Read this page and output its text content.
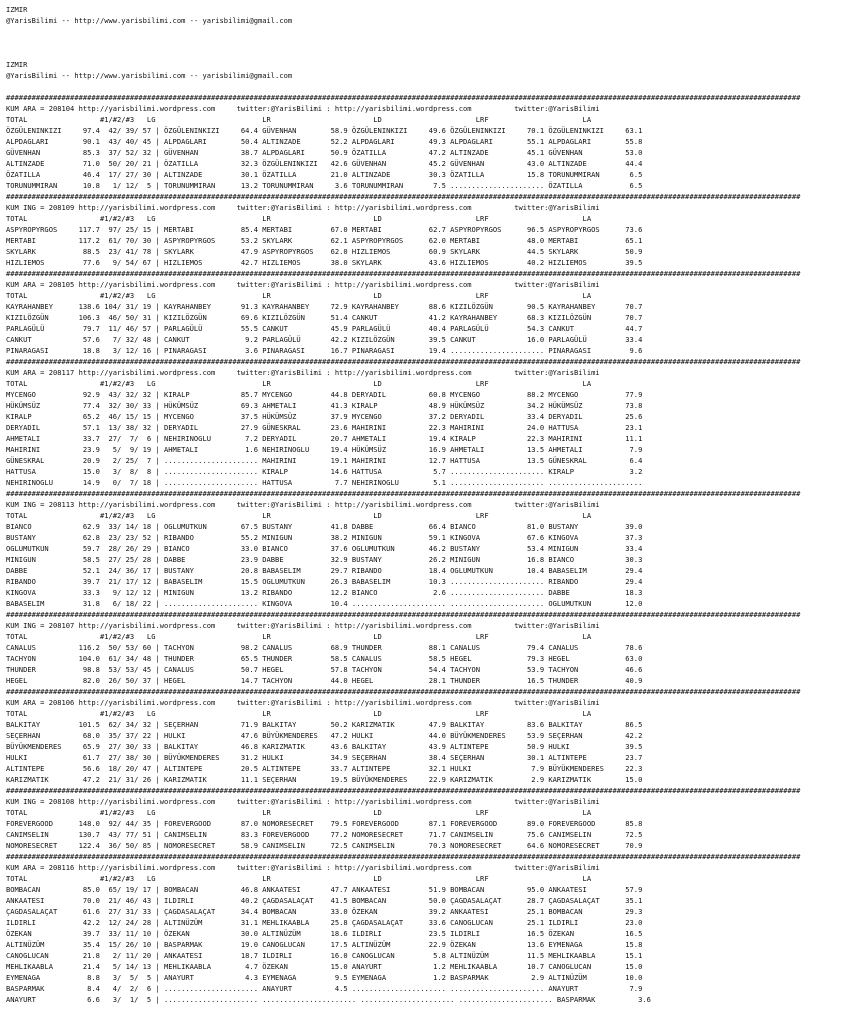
IZMIR
@YarisBilimi -- http://www.yarisbilimi.com -- yarisbilimi@gmail.com

IZMIR
@YarisBilimi -- http://www.yarisbilimi.com -- yarisbilimi@gmail.com

##########################################################################################################################################################################################
KUM ARA = 208104 http://yarisbilimi.wordpress.com     twitter:@YarisBilimi : http://yarisbilimi.wordpress.com          twitter:@YarisBilimi
TOTAL                 #1/#2/#3   LG                         LR                        LD                      LRF                      LA
ÖZGÜLENINKIZI     97.4  42/ 39/ 57 | ÖZGÜLENINKIZI     64.4 GÜVENHAN        58.9 ÖZGÜLENINKIZI     49.6 ÖZGÜLENINKIZI     70.1 ÖZGÜLENINKIZI     63.1
ALPDAGLARI        90.1  43/ 40/ 45 | ALPDAGLARI        50.4 ALTINZADE       52.2 ALPDAGLARI        49.3 ALPDAGLARI        55.1 ALPDAGLARI        55.8
GÜVENHAN          85.3  37/ 52/ 32 | GÜVENHAN          38.7 ALPDAGLARI      50.9 ÖZATILLA          47.2 ALTINZADE         45.1 GÜVENHAN          53.0
ALTINZADE         71.0  50/ 20/ 21 | ÖZATILLA          32.3 ÖZGÜLENINKIZI   42.6 GÜVENHAN          45.2 GÜVENHAN          43.0 ALTINZADE         44.4
ÖZATILLA          46.4  17/ 27/ 30 | ALTINZADE         30.1 ÖZATILLA        21.0 ALTINZADE         30.3 ÖZATILLA          15.8 TORUNUMMIRAN       6.5
TORUNUMMIRAN      10.8   1/ 12/  5 | TORUNUMMIRAN      13.2 TORUNUMMIRAN     3.6 TORUNUMMIRAN       7.5 ...................... ÖZATILLA           6.5
##########################################################################################################################################################################################
KUM ING = 208109 http://yarisbilimi.wordpress.com     twitter:@YarisBilimi : http://yarisbilimi.wordpress.com          twitter:@YarisBilimi
TOTAL                 #1/#2/#3   LG                         LR                        LD                      LRF                      LA
ASPYROPYRGOS     117.7  97/ 25/ 15 | MERTABI           85.4 MERTABI         67.0 MERTABI           62.7 ASPYROPYRGOS      96.5 ASPYROPYRGOS      73.6
MERTABI          117.2  61/ 70/ 30 | ASPYROPYRGOS      53.2 SKYLARK         62.1 ASPYROPYRGOS      62.0 MERTABI           48.0 MERTABI           65.1
SKYLARK           88.5  23/ 41/ 78 | SKYLARK           47.9 ASPYROPYRGOS    62.0 HIZLIEMOS         60.9 SKYLARK           44.5 SKYLARK           50.9
HIZLIEMOS         77.6   9/ 54/ 67 | HIZLIEMOS         42.7 HIZLIEMOS       38.0 SKYLARK           43.6 HIZLIEMOS         40.2 HIZLIEMOS         39.5
##########################################################################################################################################################################################
KUM ARA = 208105 http://yarisbilimi.wordpress.com     twitter:@YarisBilimi : http://yarisbilimi.wordpress.com          twitter:@YarisBilimi
TOTAL                 #1/#2/#3   LG                         LR                        LD                      LRF                      LA
KAYRAHANBEY      138.6 104/ 31/ 19 | KAYRAHANBEY       91.3 KAYRAHANBEY     72.9 KAYRAHANBEY       88.6 KIZILÖZGÜN        90.5 KAYRAHANBEY       70.7
KIZILÖZGÜN       106.3  46/ 50/ 31 | KIZILÖZGÜN        69.6 KIZILÖZGÜN      51.4 CANKUT            41.2 KAYRAHANBEY       68.3 KIZILÖZGÜN        70.7
PARLAGÜLÜ         79.7  11/ 46/ 57 | PARLAGÜLÜ         55.5 CANKUT          45.9 PARLAGÜLÜ         40.4 PARLAGÜLÜ         54.3 CANKUT            44.7
CANKUT            57.6   7/ 32/ 48 | CANKUT             9.2 PARLAGÜLÜ       42.2 KIZILÖZGÜN        39.5 CANKUT            16.0 PARLAGÜLÜ         33.4
PINARAGASI        18.8   3/ 12/ 16 | PINARAGASI         3.6 PINARAGASI      16.7 PINARAGASI        19.4 ...................... PINARAGASI         9.6
##########################################################################################################################################################################################
KUM ARA = 208117 http://yarisbilimi.wordpress.com     twitter:@YarisBilimi : http://yarisbilimi.wordpress.com          twitter:@YarisBilimi
TOTAL                 #1/#2/#3   LG                         LR                        LD                      LRF                      LA
MYCENGO           92.9  43/ 32/ 32 | KIRALP            85.7 MYCENGO         44.8 DERYADIL          60.8 MYCENGO           88.2 MYCENGO           77.9
HÜKÜMSÜZ          77.4  32/ 30/ 33 | HÜKÜMSÜZ          69.3 AHMETALI        41.3 KIRALP            48.9 HÜKÜMSÜZ          34.2 HÜKÜMSÜZ          73.8
KIRALP            65.2  46/ 15/ 15 | MYCENGO           37.5 HÜKÜMSÜZ        37.9 MYCENGO           37.2 DERYADIL          33.4 DERYADIL          25.6
DERYADIL          57.1  13/ 38/ 32 | DERYADIL          27.9 GÜNESKRAL       23.6 MAHIRINI          22.3 MAHIRINI          24.0 HATTUSA           23.1
AHMETALI          33.7  27/  7/  6 | NEHIRINOGLU        7.2 DERYADIL        20.7 AHMETALI          19.4 KIRALP            22.3 MAHIRINI          11.1
MAHIRINI          23.9   5/  9/ 19 | AHMETALI           1.6 NEHIRINOGLU     19.4 HÜKÜMSÜZ          16.9 AHMETALI          13.5 AHMETALI           7.9
GÜNESKRAL         20.9   2/ 25/  7 | ...................... MAHIRINI        19.1 MAHIRINI          12.7 HATTUSA           13.5 GÜNESKRAL          6.4
HATTUSA           15.0   3/  8/  8 | ...................... KIRALP          14.6 HATTUSA            5.7 ...................... KIRALP             3.2
NEHIRINOGLU       14.9   0/  7/ 18 | ...................... HATTUSA          7.7 NEHIRINOGLU        5.1 ...................... ......................
##########################################################################################################################################################################################
KUM ING = 208113 http://yarisbilimi.wordpress.com     twitter:@YarisBilimi : http://yarisbilimi.wordpress.com          twitter:@YarisBilimi
TOTAL                 #1/#2/#3   LG                         LR                        LD                      LRF                      LA
BIANCO            62.9  33/ 14/ 18 | OGLUMUTKUN        67.5 BUSTANY         41.8 DABBE             66.4 BIANCO            81.0 BUSTANY           39.0
BUSTANY           62.8  23/ 23/ 52 | RIBANDO           55.2 MINIGUN         38.2 MINIGUN           59.1 KINGOVA           67.6 KINGOVA           37.3
OGLUMUTKUN        59.7  28/ 26/ 29 | BIANCO            33.0 BIANCO          37.6 OGLUMUTKUN        46.2 BUSTANY           53.4 MINIGUN           33.4
MINIGUN           58.5  27/ 25/ 28 | DABBE             23.9 DABBE           32.9 BUSTANY           26.2 MINIGUN           16.8 BIANCO            30.3
DABBE             52.1  24/ 36/ 17 | BUSTANY           20.8 BABASELIM       29.7 RIBANDO           18.4 OGLUMUTKUN        10.4 BABASELIM         29.4
RIBANDO           39.7  21/ 17/ 12 | BABASELIM         15.5 OGLUMUTKUN      26.3 BABASELIM         10.3 ...................... RIBANDO           29.4
KINGOVA           33.3   9/ 12/ 12 | MINIGUN           13.2 RIBANDO         12.2 BIANCO             2.6 ...................... DABBE             18.3
BABASELIM         31.8   6/ 18/ 22 | ...................... KINGOVA         10.4 ...................... ...................... OGLUMUTKUN        12.0
##########################################################################################################################################################################################
KUM ING = 208107 http://yarisbilimi.wordpress.com     twitter:@YarisBilimi : http://yarisbilimi.wordpress.com          twitter:@YarisBilimi
TOTAL                 #1/#2/#3   LG                         LR                        LD                      LRF                      LA
CANALUS          116.2  50/ 53/ 60 | TACHYON           98.2 CANALUS         68.9 THUNDER           88.1 CANALUS           79.4 CANALUS           78.6
TACHYON          104.0  61/ 34/ 48 | THUNDER           65.5 THUNDER         58.5 CANALUS           58.5 HEGEL             79.3 HEGEL             63.0
THUNDER           98.8  53/ 53/ 45 | CANALUS           50.7 HEGEL           57.8 TACHYON           54.4 TACHYON           53.9 TACHYON           46.6
HEGEL             82.0  26/ 50/ 37 | HEGEL             14.7 TACHYON         44.0 HEGEL             28.1 THUNDER           16.5 THUNDER           40.9
##########################################################################################################################################################################################
KUM ARA = 208106 http://yarisbilimi.wordpress.com     twitter:@YarisBilimi : http://yarisbilimi.wordpress.com          twitter:@YarisBilimi
TOTAL                 #1/#2/#3   LG                         LR                        LD                      LRF                      LA
BALKITAY         101.5  62/ 34/ 32 | SEÇERHAN          71.9 BALKITAY        50.2 KARIZMATIK        47.9 BALKITAY          83.6 BALKITAY          86.5
SEÇERHAN          68.0  35/ 37/ 22 | HULKI             47.6 BÜYÜKMENDERES   47.2 HULKI             44.0 BÜYÜKMENDERES     53.9 SEÇERHAN          42.2
BÜYÜKMENDERES     65.9  27/ 30/ 33 | BALKITAY          46.8 KARIZMATIK      43.6 BALKITAY          43.9 ALTINTEPE         50.9 HULKI             39.5
HULKI             61.7  27/ 38/ 30 | BÜYÜKMENDERES     31.2 HULKI           34.9 SEÇERHAN          38.4 SEÇERHAN          30.1 ALTINTEPE         23.7
ALTINTEPE         56.6  18/ 20/ 47 | ALTINTEPE         20.5 ALTINTEPE       33.7 ALTINTEPE         32.1 HULKI              7.9 BÜYÜKMENDERES     22.3
KARIZMATIK        47.2  21/ 31/ 26 | KARIZMATIK        11.1 SEÇERHAN        19.5 BÜYÜKMENDERES     22.9 KARIZMATIK         2.9 KARIZMATIK        15.0
##########################################################################################################################################################################################
KUM ING = 208108 http://yarisbilimi.wordpress.com     twitter:@YarisBilimi : http://yarisbilimi.wordpress.com          twitter:@YarisBilimi
TOTAL                 #1/#2/#3   LG                         LR                        LD                      LRF                      LA
FOREVERGOOD      148.0  92/ 44/ 35 | FOREVERGOOD       87.0 NOMORESECRET    79.5 FOREVERGOOD       87.1 FOREVERGOOD       89.0 FOREVERGOOD       85.8
CANIMSELIN       130.7  43/ 77/ 51 | CANIMSELIN        83.3 FOREVERGOOD     77.2 NOMORESECRET      71.7 CANIMSELIN        75.6 CANIMSELIN        72.5
NOMORESECRET     122.4  36/ 50/ 85 | NOMORESECRET      58.9 CANIMSELIN      72.5 CANIMSELIN        70.3 NOMORESECRET      64.6 NOMORESECRET      70.9
##########################################################################################################################################################################################
KUM ARA = 208116 http://yarisbilimi.wordpress.com     twitter:@YarisBilimi : http://yarisbilimi.wordpress.com          twitter:@YarisBilimi
TOTAL                 #1/#2/#3   LG                         LR                        LD                      LRF                      LA
BOMBACAN          85.0  65/ 19/ 17 | BOMBACAN          46.8 ANKAATESI       47.7 ANKAATESI         51.9 BOMBACAN          95.0 ANKAATESI         57.9
ANKAATESI         70.0  21/ 46/ 43 | ILDIRLI           40.2 ÇAGDASALAÇAT    41.5 BOMBACAN          50.0 ÇAGDASALAÇAT      28.7 ÇAGDASALAÇAT      35.1
ÇAGDASALAÇAT      61.6  27/ 31/ 33 | ÇAGDASALAÇAT      34.4 BOMBACAN        33.0 ÖZEKAN            39.2 ANKAATESI         25.1 BOMBACAN          29.3
ILDIRLI           42.2  12/ 24/ 28 | ALTINÜZÜM         31.1 MEHLIKAABLA     25.8 ÇAGDASALAÇAT      33.6 CANOGLUCAN        25.1 ILDIRLI           23.0
ÖZEKAN            39.7  33/ 11/ 10 | ÖZEKAN            30.0 ALTINÜZÜM       18.6 ILDIRLI           23.5 ILDIRLI           16.5 ÖZEKAN            16.5
ALTINÜZÜM         35.4  15/ 26/ 10 | BASPARMAK         19.0 CANOGLUCAN      17.5 ALTINÜZÜM         22.9 ÖZEKAN            13.6 EYMENAGA          15.8
CANOGLUCAN        21.8   2/ 11/ 20 | ANKAATESI         18.7 ILDIRLI         16.0 CANOGLUCAN         5.8 ALTINÜZÜM         11.5 MEHLIKAABLA       15.1
MEHLIKAABLA       21.4   5/ 14/ 13 | MEHLIKAABLA        4.7 ÖZEKAN          15.0 ANAYURT            1.2 MEHLIKAABLA       10.7 CANOGLUCAN        15.0
EYMENAGA           8.8   3/  5/  5 | ANAYURT            4.3 EYMENAGA         9.5 EYMENAGA           1.2 BASPARMAK          2.9 ALTINÜZÜM         10.0
BASPARMAK          8.4   4/  2/  6 | ...................... ANAYURT          4.5 ...................... ...................... ANAYURT            7.9
ANAYURT            6.6   3/  1/  5 | ...................... ...................... ...................... ...................... BASPARMAK          3.6
